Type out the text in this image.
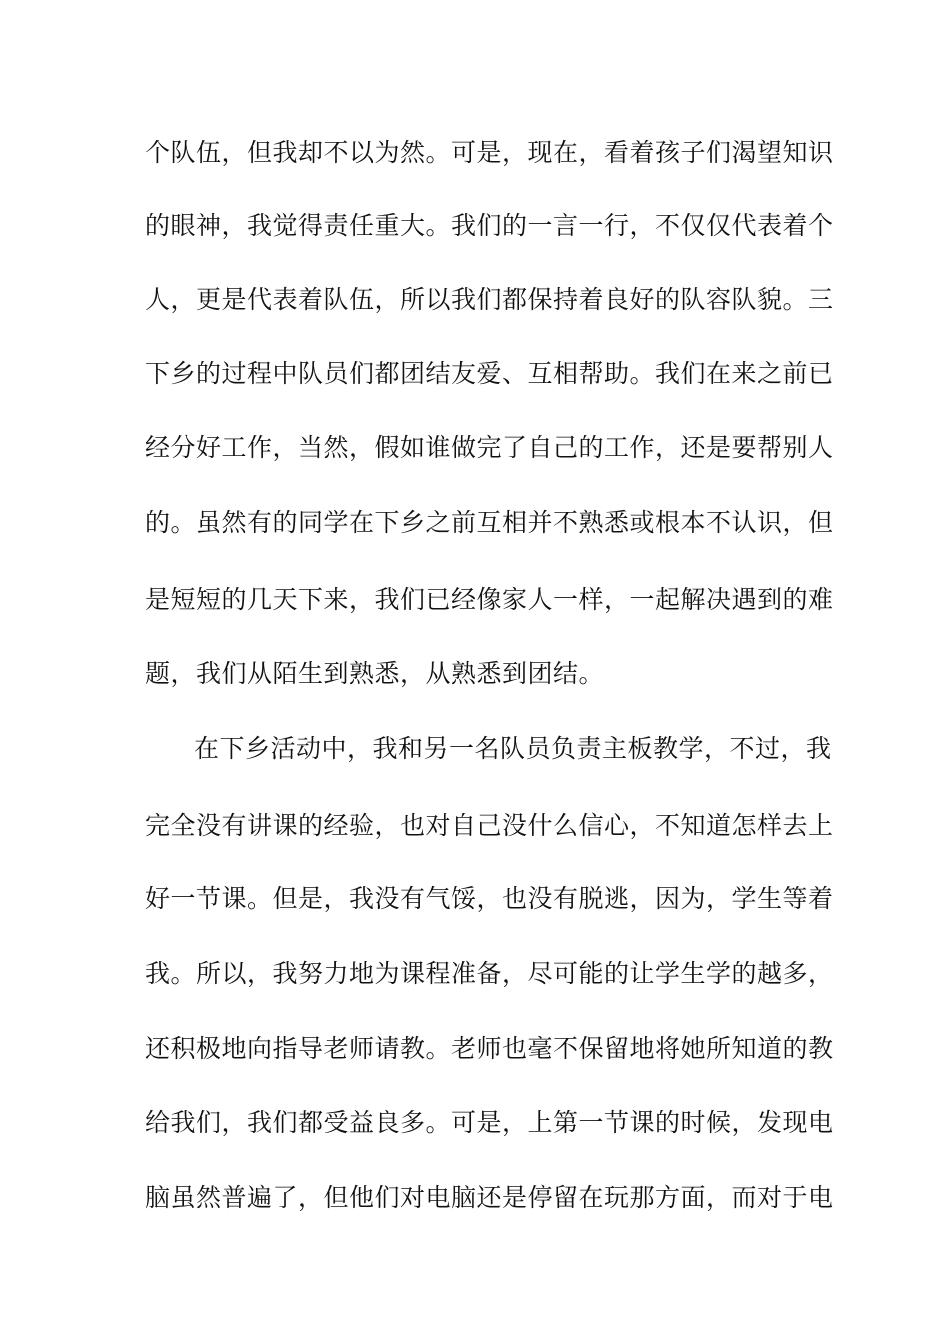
个队伍，但我却不以为然。可是，现在，看着孩子们渴望知识
的眼神，我觉得责任重大。我们的一言一行，不仅仅代表着个
人，更是代表着队伍，所以我们都保持着良好的队容队貌。三
下乡的过程中队员们都团结友爱、互相帮助。我们在来之前已
经分好工作，当然，假如谁做完了自己的工作，还是要帮别人
的。虽然有的同学在下乡之前互相并不熟悉或根本不认识，但
是短短的几天下来，我们已经像家人一样，一起解决遇到的难
题，我们从陌生到熟悉，从熟悉到团结。
在下乡活动中，我和另一名队员负责主板教学，不过，我
完全没有讲课的经验，也对自己没什么信心，不知道怎样去上
好一节课。但是，我没有气馁，也没有脱逃，因为，学生等着
我。所以，我努力地为课程准备，尽可能的让学生学的越多，
还积极地向指导老师请教。老师也毫不保留地将她所知道的教
给我们，我们都受益良多。可是，上第一节课的时候，发现电
脑虽然普遍了，但他们对电脑还是停留在玩那方面，而对于电
